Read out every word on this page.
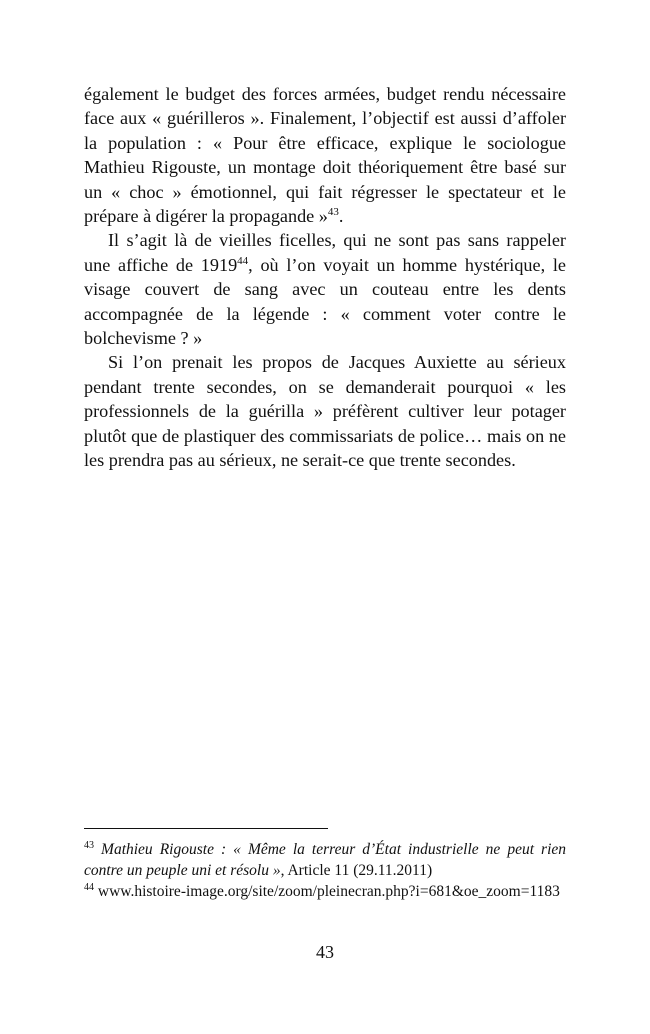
également le budget des forces armées, budget rendu nécessaire face aux « guérilleros ». Finalement, l’objectif est aussi d’affoler la population : « Pour être efficace, explique le sociologue Mathieu Rigouste, un montage doit théoriquement être basé sur un « choc » émotionnel, qui fait régresser le spectateur et le prépare à digérer la propagande »$^{43}$.

Il s’agit là de vieilles ficelles, qui ne sont pas sans rappeler une affiche de 1919$^{44}$, où l’on voyait un homme hystérique, le visage couvert de sang avec un couteau entre les dents accompagnée de la légende : « comment voter contre le bolchevisme ? »

Si l’on prenait les propos de Jacques Auxiette au sérieux pendant trente secondes, on se demanderait pourquoi « les professionnels de la guérilla » préfèrent cultiver leur potager plutôt que de plastiquer des commissariats de police… mais on ne les prendra pas au sérieux, ne serait-ce que trente secondes.

$^{43}$ Mathieu Rigouste : « Même la terreur d’État industrielle ne peut rien contre un peuple uni et résolu », Article 11 (29.11.2011)

$^{44}$ www.histoire-image.org/site/zoom/pleinecran.php?i=681&oe_zoom=1183

43
